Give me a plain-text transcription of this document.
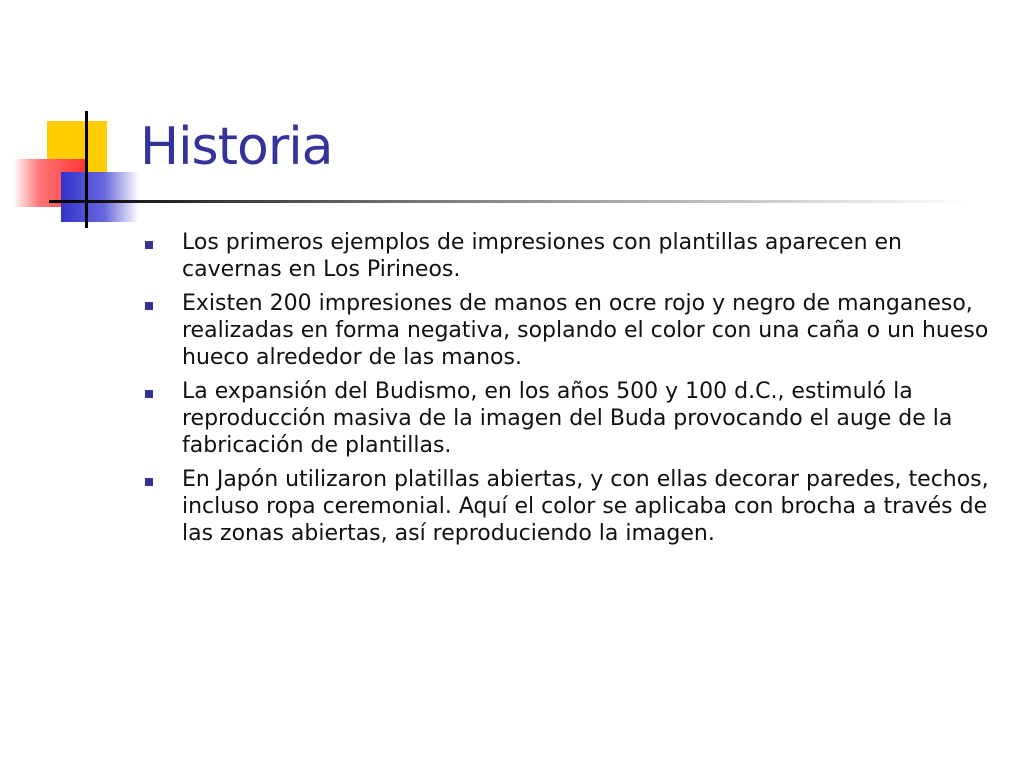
Historia
Los primeros ejemplos de impresiones con plantillas aparecen en cavernas en Los Pirineos.
Existen 200 impresiones de manos en ocre rojo y negro de manganeso, realizadas en forma negativa, soplando el color con una caña o un hueso hueco alrededor de las manos.
La expansión del Budismo, en los años 500 y 100 d.C., estimuló la reproducción masiva de la imagen del Buda provocando el auge de la fabricación de plantillas.
En Japón utilizaron platillas abiertas, y con ellas decorar paredes, techos, incluso ropa ceremonial. Aquí el color se aplicaba con brocha a través de las zonas abiertas, así reproduciendo la imagen.
